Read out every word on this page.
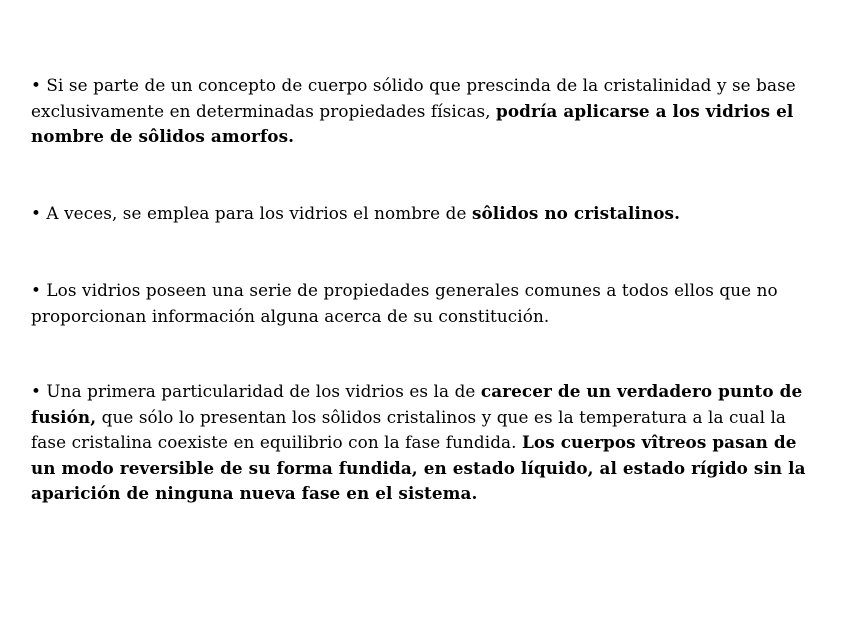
• Si se parte de un concepto de cuerpo sólido que prescinda de la cristalinidad y se base exclusivamente en determinadas propiedades físicas, podría aplicarse a los vidrios el nombre de sôlidos amorfos.

• A veces, se emplea para los vidrios el nombre de sôlidos no cristalinos.

• Los vidrios poseen una serie de propiedades generales comunes a todos ellos que no proporcionan información alguna acerca de su constitución.

• Una primera particularidad de los vidrios es la de carecer de un verdadero punto de fusión, que sólo lo presentan los sôlidos cristalinos y que es la temperatura a la cual la fase cristalina coexiste en equilibrio con la fase fundida. Los cuerpos vîtreos pasan de un modo reversible de su forma fundida, en estado líquido, al estado rígido sin la aparición de ninguna nueva fase en el sistema.
